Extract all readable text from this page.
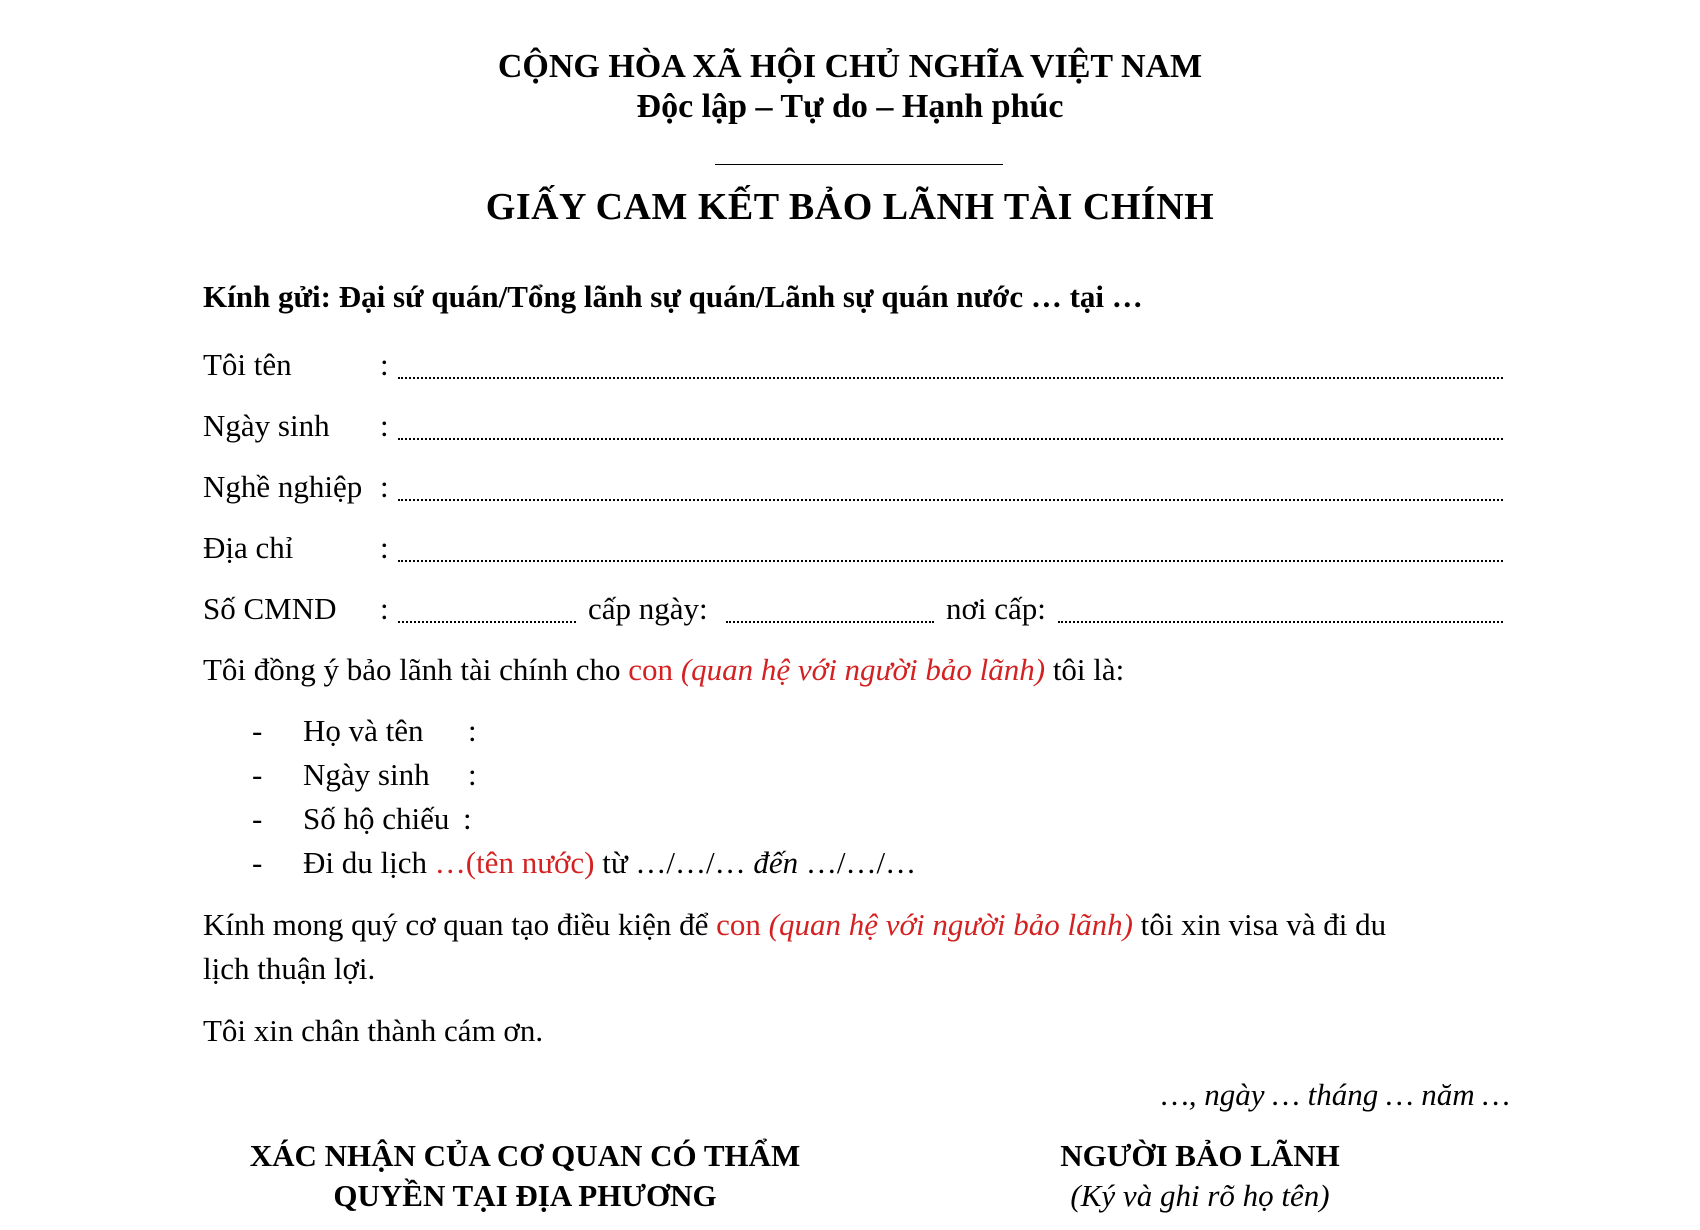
CỘNG HÒA XÃ HỘI CHỦ NGHĨA VIỆT NAM
Độc lập – Tự do – Hạnh phúc
GIẤY CAM KẾT BẢO LÃNH TÀI CHÍNH
Kính gửi: Đại sứ quán/Tổng lãnh sự quán/Lãnh sự quán nước … tại …
Tôi tên	:
Ngày sinh :
Nghề nghiệp :
Địa chỉ	:
Số CMND :	cấp ngày:	nơi cấp:
Tôi đồng ý bảo lãnh tài chính cho con (quan hệ với người bảo lãnh) tôi là:
- Họ và tên :
- Ngày sinh :
- Số hộ chiếu :
- Đi du lịch …(tên nước) từ …/…/… đến …/…/…
Kính mong quý cơ quan tạo điều kiện để con (quan hệ với người bảo lãnh) tôi xin visa và đi du
lịch thuận lợi.
Tôi xin chân thành cám ơn.
…, ngày … tháng … năm …
XÁC NHẬN CỦA CƠ QUAN CÓ THẨM
QUYỀN TẠI ĐỊA PHƯƠNG
NGƯỜI BẢO LÃNH
(Ký và ghi rõ họ tên)
